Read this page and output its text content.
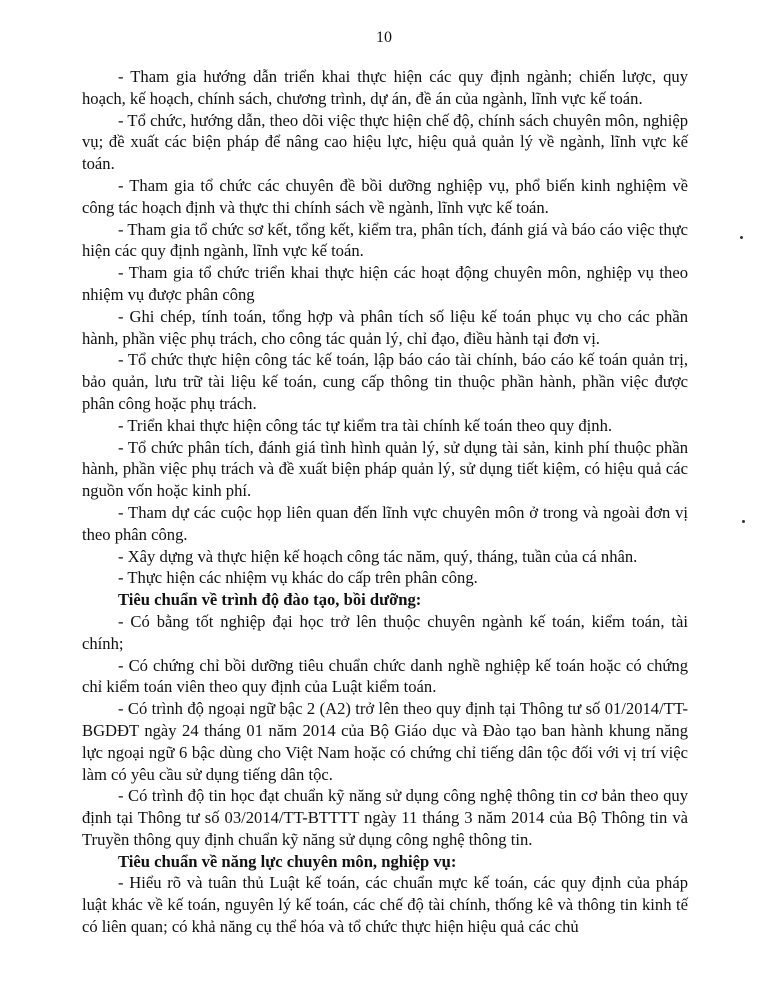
10

- Tham gia hướng dẫn triển khai thực hiện các quy định ngành; chiến lược, quy hoạch, kế hoạch, chính sách, chương trình, dự án, đề án của ngành, lĩnh vực kế toán.

- Tổ chức, hướng dẫn, theo dõi việc thực hiện chế độ, chính sách chuyên môn, nghiệp vụ; đề xuất các biện pháp để nâng cao hiệu lực, hiệu quả quản lý về ngành, lĩnh vực kế toán.

- Tham gia tổ chức các chuyên đề bồi dưỡng nghiệp vụ, phổ biến kinh nghiệm về công tác hoạch định và thực thi chính sách về ngành, lĩnh vực kế toán.

- Tham gia tổ chức sơ kết, tổng kết, kiểm tra, phân tích, đánh giá và báo cáo việc thực hiện các quy định ngành, lĩnh vực kế toán.

- Tham gia tổ chức triển khai thực hiện các hoạt động chuyên môn, nghiệp vụ theo nhiệm vụ được phân công

- Ghi chép, tính toán, tổng hợp và phân tích số liệu kế toán phục vụ cho các phần hành, phần việc phụ trách, cho công tác quản lý, chỉ đạo, điều hành tại đơn vị.

- Tổ chức thực hiện công tác kế toán, lập báo cáo tài chính, báo cáo kế toán quản trị, bảo quản, lưu trữ tài liệu kế toán, cung cấp thông tin thuộc phần hành, phần việc được phân công hoặc phụ trách.

- Triển khai thực hiện công tác tự kiểm tra tài chính kế toán theo quy định.

- Tổ chức phân tích, đánh giá tình hình quản lý, sử dụng tài sản, kinh phí thuộc phần hành, phần việc phụ trách và đề xuất biện pháp quản lý, sử dụng tiết kiệm, có hiệu quả các nguồn vốn hoặc kinh phí.

- Tham dự các cuộc họp liên quan đến lĩnh vực chuyên môn ở trong và ngoài đơn vị theo phân công.

- Xây dựng và thực hiện kế hoạch công tác năm, quý, tháng, tuần của cá nhân.

- Thực hiện các nhiệm vụ khác do cấp trên phân công.

Tiêu chuẩn về trình độ đào tạo, bồi dưỡng:

- Có bằng tốt nghiệp đại học trở lên thuộc chuyên ngành kế toán, kiểm toán, tài chính;

- Có chứng chỉ bồi dưỡng tiêu chuẩn chức danh nghề nghiệp kế toán hoặc có chứng chỉ kiểm toán viên theo quy định của Luật kiểm toán.

- Có trình độ ngoại ngữ bậc 2 (A2) trở lên theo quy định tại Thông tư số 01/2014/TT-BGDĐT ngày 24 tháng 01 năm 2014 của Bộ Giáo dục và Đào tạo ban hành khung năng lực ngoại ngữ 6 bậc dùng cho Việt Nam hoặc có chứng chỉ tiếng dân tộc đối với vị trí việc làm có yêu cầu sử dụng tiếng dân tộc.

- Có trình độ tin học đạt chuẩn kỹ năng sử dụng công nghệ thông tin cơ bản theo quy định tại Thông tư số 03/2014/TT-BTTTT ngày 11 tháng 3 năm 2014 của Bộ Thông tin và Truyền thông quy định chuẩn kỹ năng sử dụng công nghệ thông tin.

Tiêu chuẩn về năng lực chuyên môn, nghiệp vụ:

- Hiểu rõ và tuân thủ Luật kế toán, các chuẩn mực kế toán, các quy định của pháp luật khác về kế toán, nguyên lý kế toán, các chế độ tài chính, thống kê và thông tin kinh tế có liên quan; có khả năng cụ thể hóa và tổ chức thực hiện hiệu quả các chủ
